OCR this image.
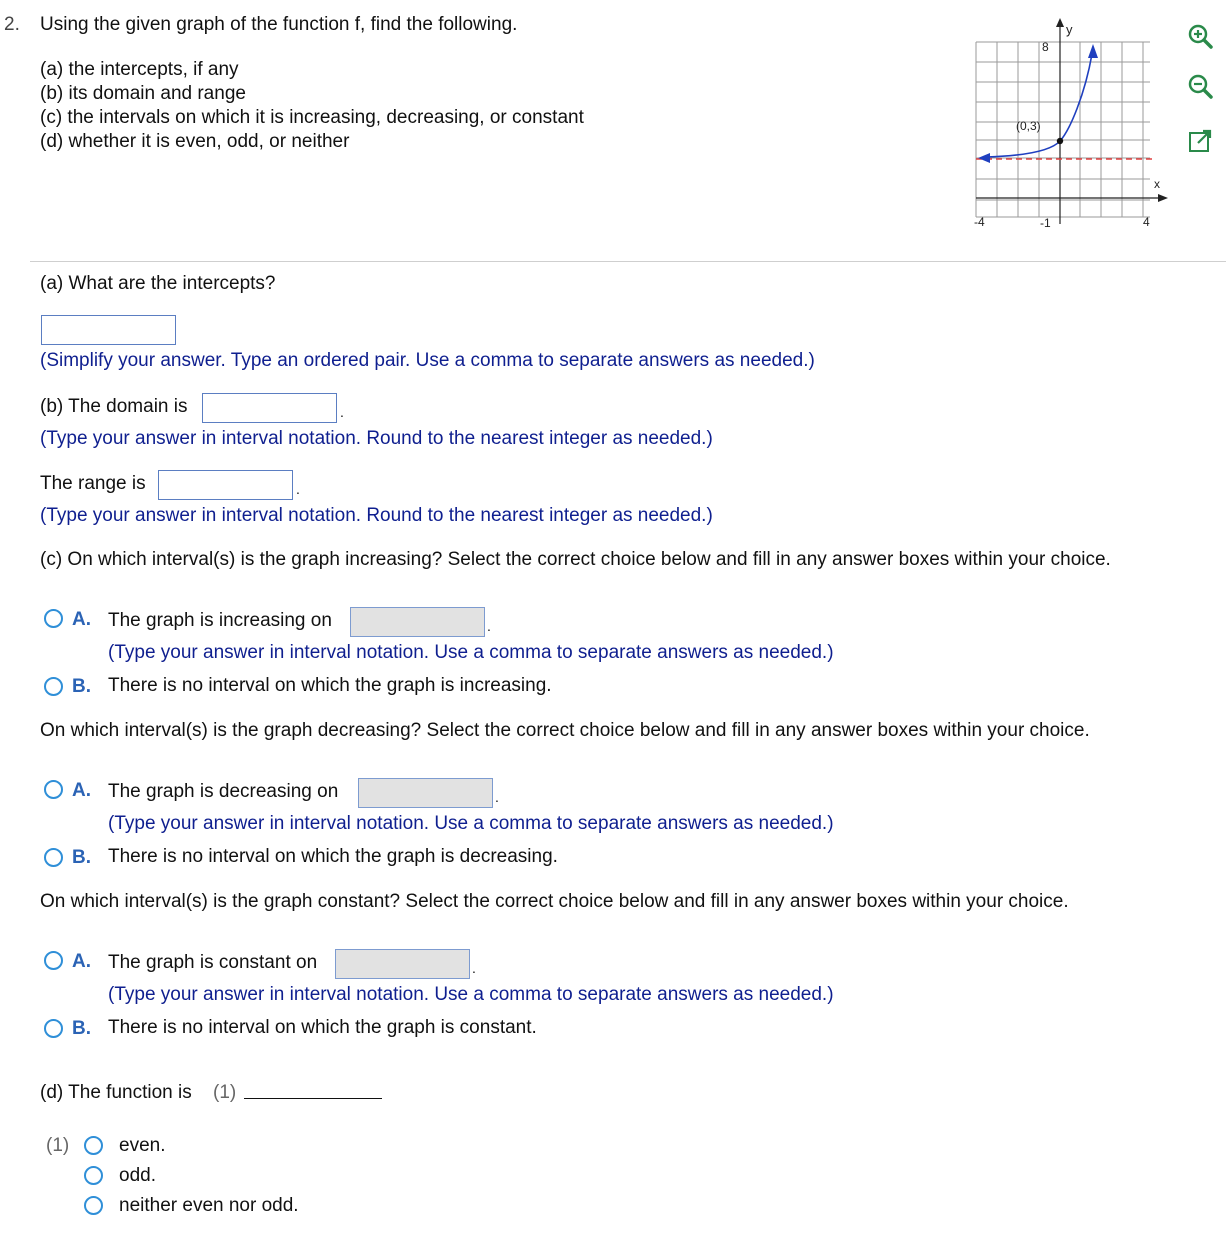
2. Using the given graph of the function f, find the following.
(a) the intercepts, if any
(b) its domain and range
(c) the intervals on which it is increasing, decreasing, or constant
(d) whether it is even, odd, or neither
y
x
8
-4	4
-1
(0,3)
(a) What are the intercepts?
(Simplify your answer. Type an ordered pair. Use a comma to separate answers as needed.)
(b) The domain is	.
(Type your answer in interval notation. Round to the nearest integer as needed.)
The range is	.
(Type your answer in interval notation. Round to the nearest integer as needed.)
(c) On which interval(s) is the graph increasing? Select the correct choice below and fill in any answer boxes within your choice.
A. The graph is increasing on	.
(Type your answer in interval notation. Use a comma to separate answers as needed.)
B. There is no interval on which the graph is increasing.
On which interval(s) is the graph decreasing? Select the correct choice below and fill in any answer boxes within your choice.
A. The graph is decreasing on	.
(Type your answer in interval notation. Use a comma to separate answers as needed.)
B. There is no interval on which the graph is decreasing.
On which interval(s) is the graph constant? Select the correct choice below and fill in any answer boxes within your choice.
A. The graph is constant on	.
(Type your answer in interval notation. Use a comma to separate answers as needed.)
B. There is no interval on which the graph is constant.
(d) The function is (1)
(1)	even.
odd.
neither even nor odd.
